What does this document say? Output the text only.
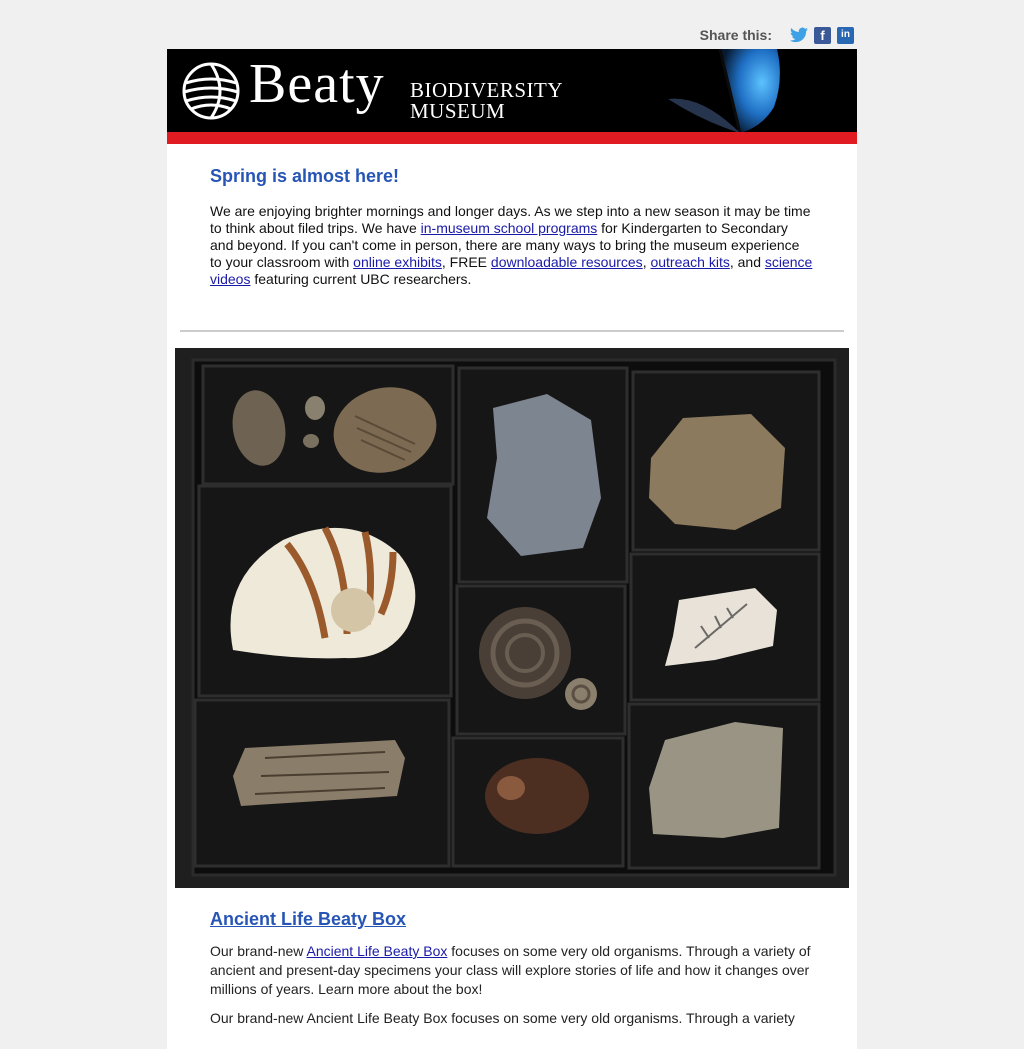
Share this:	f	in
Beaty BIODIVERSITY
MUSEUM
Spring is almost here!

We are enjoying brighter mornings and longer days. As we step into a new season it may be time to think about filed trips. We have in-museum school programs for Kindergarten to Secondary and beyond. If you can't come in person, there are many ways to bring the museum experience to your classroom with online exhibits, FREE downloadable resources, outreach kits, and science videos featuring current UBC researchers.

Ancient Life Beaty Box

Our brand-new Ancient Life Beaty Box focuses on some very old organisms. Through a variety of ancient and present-day specimens your class will explore stories of life and how it changes over millions of years. Learn more about the box!

Our brand-new Ancient Life Beaty Box focuses on some very old organisms. Through a variety
